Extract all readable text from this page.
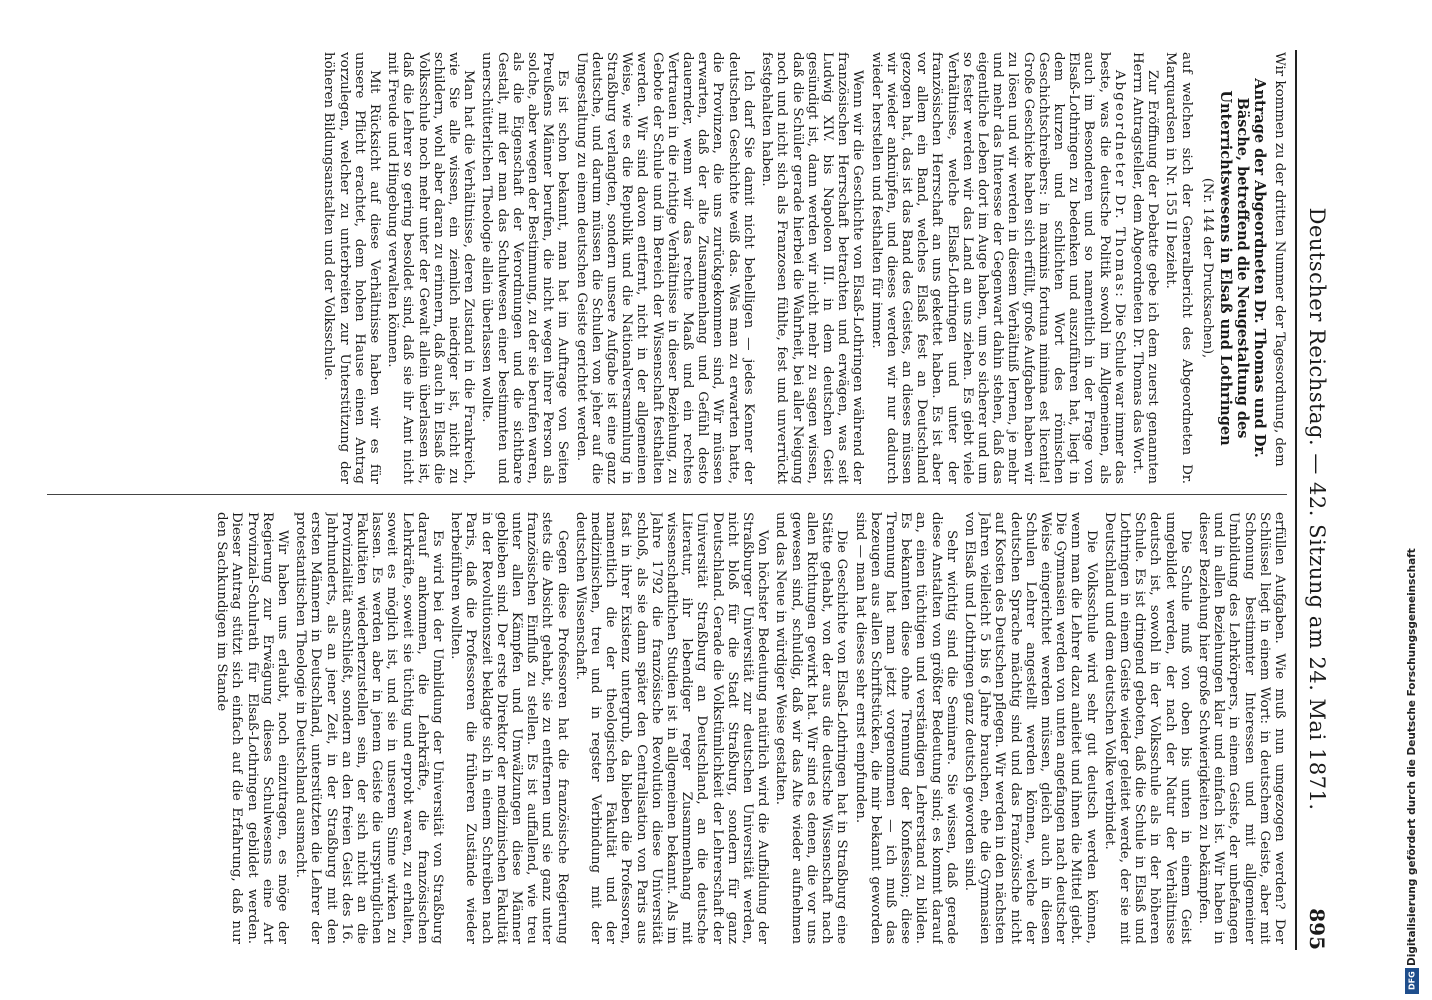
Deutscher Reichstag. — 42. Sitzung am 24. Mai 1871.
895

Wir kommen zu der dritten Nummer der Tagesordnung, dem

Antrage der Abgeordneten Dr. Thomas und Dr. Bäsche, betreffend die Neugestaltung des Unterrichtswesens in Elsaß und Lothringen

(Nr. 144 der Drucksachen),

auf welchen sich der Generalbericht des Abgeordneten Dr. Marquardsen in Nr. 155 II bezieht.

Zur Eröffnung der Debatte gebe ich dem zuerst genannten Herrn Antragsteller, dem Abgeordneten Dr. Thomas das Wort.

Abgeordneter Dr. Thomas: Die Schule war immer das beste, was die deutsche Politik sowohl im Allgemeinen, als auch im Besonderen und so namentlich in der Frage von Elsaß-Lothringen zu bedenken und auszuführen hat, liegt in dem kurzen und schlichten Wort des römischen Geschichtschreibers: in maximis fortuna minima est licentia! Große Geschicke haben sich erfüllt, große Aufgaben haben wir zu lösen und wir werden in diesem Verhältniß lernen, je mehr und mehr das Interesse der Gegenwart dahin stehen, daß das eigentliche Leben dort im Auge haben, um so sicherer und um so fester werden wir das Land an uns ziehen. Es giebt viele Verhältnisse, welche Elsaß-Lothringen und unter der französischen Herrschaft an uns gekettet haben. Es ist aber vor allem ein Band, welches Elsaß fest an Deutschland gezogen hat, das ist das Band des Geistes, an dieses müssen wir wieder anknüpfen, und dieses werden wir nur dadurch wieder herstellen und festhalten für immer.

Wenn wir die Geschichte von Elsaß-Lothringen während der französischen Herrschaft betrachten und erwägen, was seit Ludwig XIV. bis Napoleon III. in dem deutschen Geist gesündigt ist, dann werden wir nicht mehr zu sagen wissen, daß die Schüler gerade hierbei die Wahrheit, bei aller Neigung noch und nicht sich als Franzosen fühlte, fest und unverrückt festgehalten haben.

Ich darf Sie damit nicht behelligen — jedes Kenner der deutschen Geschichte weiß das. Was man zu erwarten hatte, die Provinzen, die uns zurückgekommen sind, Wir müssen erwarten, daß der alte Zusammenhang und Gefühl desto dauernder, wenn wir das rechte Maaß und ein rechtes Vertrauen in die richtige Verhältnisse in dieser Beziehung, zu Gebote der Schule und im Bereich der Wissenschaft festhalten werden. Wir sind davon entfernt, nicht in der allgemeinen Weise, wie es die Republik und die Nationalversammlung in Straßburg verlangten, sondern unsere Aufgabe ist eine ganz deutsche, und darum müssen die Schulen von jeher auf die Umgestaltung zu einem deutschen Geiste gerichtet werden.

Es ist schon bekannt, man hat im Auftrage von Seiten Preußens Männer berufen, die nicht wegen ihrer Person als solche, aber wegen der Bestimmung, zu der sie berufen waren, als die Eigenschaft der Verordnungen und die sichtbare Gestalt, mit der man das Schulwesen einer bestimmten und unerschütterlichen Theologie allein überlassen wollte.

Man hat die Verhältnisse, deren Zustand in die Frankreich, wie Sie alle wissen, ein ziemlich niedriger ist, nicht zu schildern, wohl aber daran zu erinnern, daß auch in Elsaß die Volksschule noch mehr unter der Gewalt allein überlassen ist, daß die Lehrer so gering besoldet sind, daß sie ihr Amt nicht mit Freude und Hingebung verwalten können.

Mit Rücksicht auf diese Verhältnisse haben wir es für unsere Pflicht erachtet, dem hohen Hause einen Antrag vorzulegen, welcher zu unterbreiten zur Unterstützung der höheren Bildungsanstalten und der Volksschule.

erfüllen Aufgaben. Wie muß nun umgezogen werden? Der Schlüssel liegt in einem Wort: in deutschem Geiste, aber mit Schonung bestimmter Interessen und mit allgemeiner Umbildung des Lehrkörpers, in einem Geiste, der unbefangen und in allen Beziehungen klar und einfach ist. Wir haben in dieser Beziehung hier große Schwierigkeiten zu bekämpfen.

Die Schule muß von oben bis unten in einem Geist umgebildet werden, der nach der Natur der Verhältnisse deutsch ist, sowohl in der Volksschule als in der höheren Schule. Es ist dringend geboten, daß die Schule in Elsaß und Lothringen in einem Geiste wieder geleitet werde, der sie mit Deutschland und dem deutschen Volke verbindet.

Die Volksschule wird sehr gut deutsch werden können, wenn man die Lehrer dazu anleitet und ihnen die Mittel giebt. Die Gymnasien werden von unten angefangen nach deutscher Weise eingerichtet werden müssen, gleich auch in diesen Schulen Lehrer angestellt werden können, welche der deutschen Sprache mächtig sind und das Französische nicht auf Kosten des Deutschen pflegen. Wir werden in den nächsten Jahren vielleicht 5 bis 6 Jahre brauchen, ehe die Gymnasien von Elsaß und Lothringen ganz deutsch geworden sind.

Sehr wichtig sind die Seminare. Sie wissen, daß gerade diese Anstalten von größter Bedeutung sind; es kommt darauf an, einen tüchtigen und verständigen Lehrerstand zu bilden. Es bekannten diese ohne Trennung der Konfession; diese Trennung hat man jetzt vorgenommen — ich muß das bezeugen aus allen Schriftstücken, die mir bekannt geworden sind — man hat dieses sehr ernst empfunden.

Die Geschichte von Elsaß-Lothringen hat in Straßburg eine Stätte gehabt, von der aus die deutsche Wissenschaft nach allen Richtungen gewirkt hat. Wir sind es denen, die vor uns gewesen sind, schuldig, daß wir das Alte wieder aufnehmen und das Neue in würdiger Weise gestalten.

Von höchster Bedeutung natürlich wird die Aufbildung der Straßburger Universität zur deutschen Universität werden, nicht bloß für die Stadt Straßburg, sondern für ganz Deutschland. Gerade die Volkstümlichkeit der Lehrerschaft der Universität Straßburg an Deutschland, an die deutsche Literatur, ihr lebendiger reger Zusammenhang mit wissenschaftlichen Studien ist in allgemeinen bekannt. Als im Jahre 1792 die französische Revolution diese Universität schloß, als sie dann später den Centralisation von Paris aus fast in ihrer Existenz untergrub, da blieben die Professoren, namentlich die der theologischen Fakultät und der medizinischen, treu und in regster Verbindung mit der deutschen Wissenschaft.

Gegen diese Professoren hat die französische Regierung stets die Absicht gehabt, sie zu entfernen und sie ganz unter französischen Einfluß zu stellen. Es ist auffallend, wie treu unter allen Kämpfen und Umwälzungen diese Männer geblieben sind. Der erste Direktor der medizinischen Fakultät in der Revolutionszeit beklagte sich in einem Schreiben nach Paris, daß die Professoren die früheren Zustände wieder herbeiführen wollten.

Es wird bei der Umbildung der Universität von Straßburg darauf ankommen, die Lehrkräfte, die französischen Lehrkräfte, soweit sie tüchtig und erprobt waren, zu erhalten, soweit es möglich ist, und sie in unserem Sinne wirken zu lassen. Es werden aber in jenem Geiste die ursprünglichen Fakultäten wiederherzustellen sein, der sich nicht an die Provinzialität anschließt, sondern an den freien Geist des 16. Jahrhunderts, als an jener Zeit, in der Straßburg mit den ersten Männern in Deutschland, unterstützten die Lehrer der protestantischen Theologie in Deutschland ausmacht.

Wir haben uns erlaubt, noch einzutragen, es möge der Regierung zur Erwägung dieses Schulwesens eine Art Provinzial-Schulrath für Elsaß-Lothringen gebildet werden. Dieser Antrag stützt sich einfach auf die Erfahrung, daß nur den Sachkundigen im Stande	Digitalisierung gefördert durch die Deutsche Forschungsgemeinschaft
DFG
